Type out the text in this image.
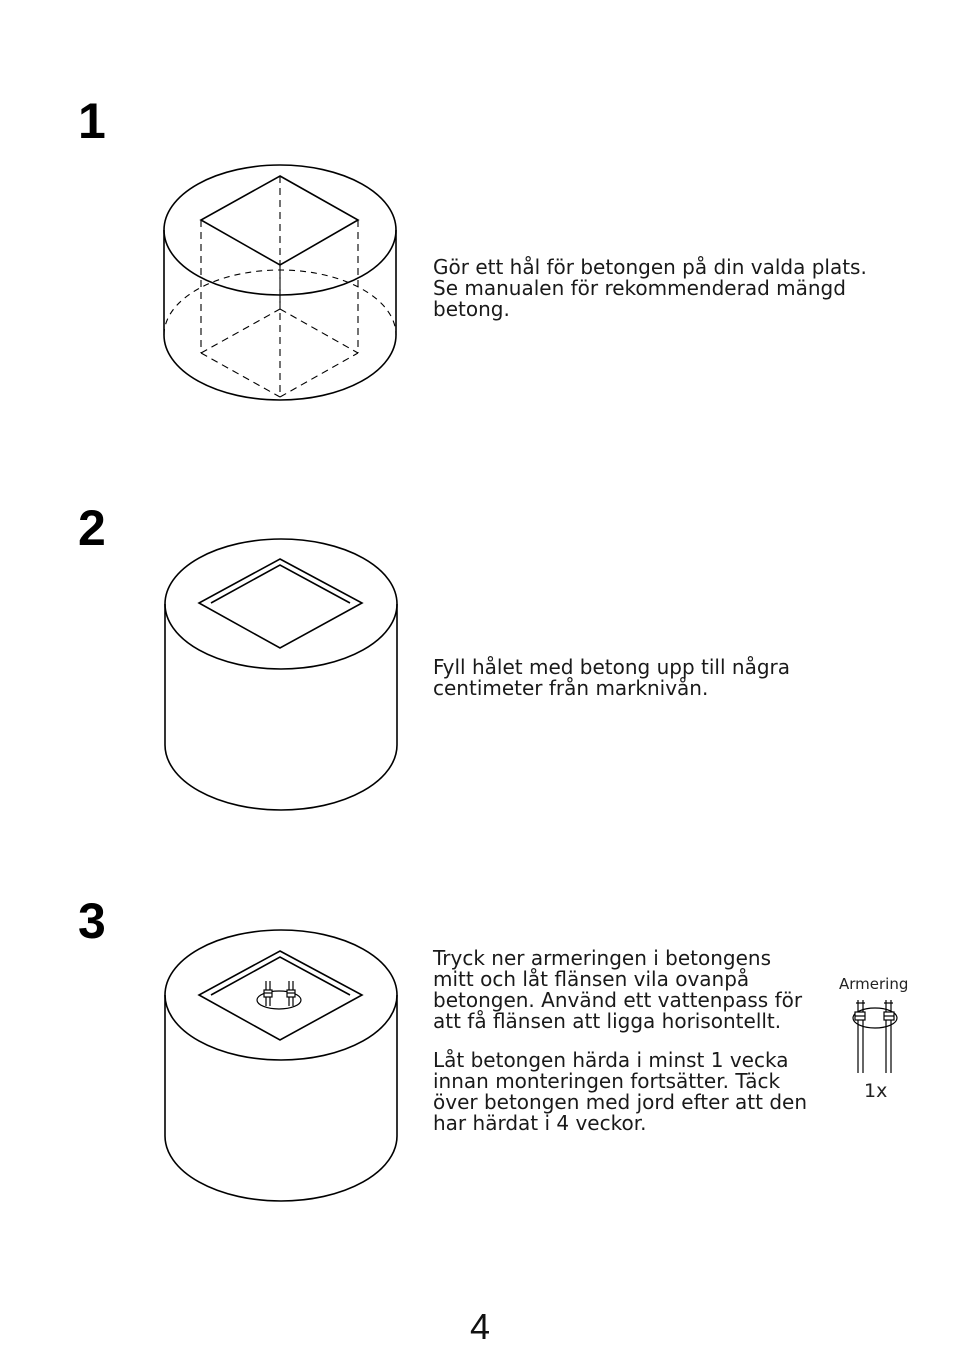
1
Gör ett hål för betongen på din valda plats.
Se manualen för rekommenderad mängd
betong.
2
Fyll hålet med betong upp till några
centimeter från marknivån.
3
Tryck ner armeringen i betongens
mitt och låt flänsen vila ovanpå
betongen. Använd ett vattenpass för
att få flänsen att ligga horisontellt.
Låt betongen härda i minst 1 vecka
innan monteringen fortsätter. Täck
över betongen med jord efter att den
har härdat i 4 veckor.
Armering
1x
4
